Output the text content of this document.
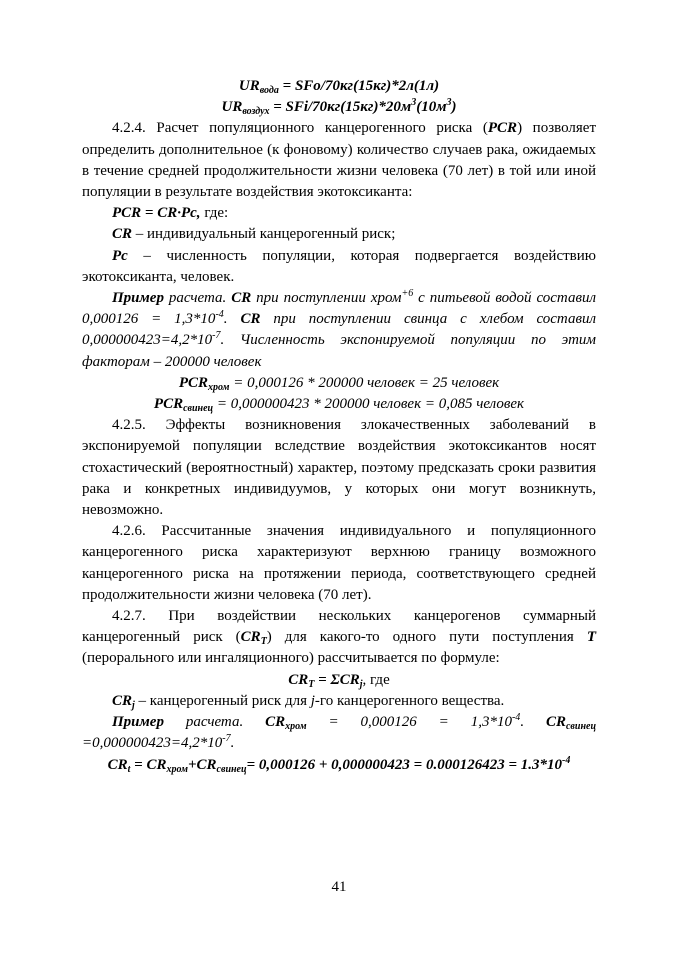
$UR_{вода} = SFo/70кг(15кг)*2л(1л)$

$UR_{воздух} = SFi/70кг(15кг)*20м^3(10м^3)$

4.2.4. Расчет популяционного канцерогенного риска (PCR) позволяет определить дополнительное (к фоновому) количество случаев рака, ожидаемых в течение средней продолжительности жизни человека (70 лет) в той или иной популяции в результате воздействия экотоксиканта:

PCR = CR·Pc, где:

CR – индивидуальный канцерогенный риск;

Pc – численность популяции, которая подвергается воздействию экотоксиканта, человек.

Пример расчета. CR при поступлении хром$^{+6}$ с питьевой водой составил $0,000126 = 1,3*10^{-4}$. CR при поступлении свинца с хлебом составил $0,000000423=4,2*10^{-7}$. Численность экспонируемой популяции по этим факторам – 200000 человек

$PCR_{хром} = 0,000126 * 200000$ человек = 25 человек

$PCR_{свинец} = 0,000000423 * 200000$ человек = 0,085 человек

4.2.5. Эффекты возникновения злокачественных заболеваний в экспонируемой популяции вследствие воздействия экотоксикантов носят стохастический (вероятностный) характер, поэтому предсказать сроки развития рака и конкретных индивидуумов, у которых они могут возникнуть, невозможно.

4.2.6. Рассчитанные значения индивидуального и популяционного канцерогенного риска характеризуют верхнюю границу возможного канцерогенного риска на протяжении периода, соответствующего средней продолжительности жизни человека (70 лет).

4.2.7. При воздействии нескольких канцерогенов суммарный канцерогенный риск $(CR_T)$ для какого-то одного пути поступления T (перорального или ингаляционного) рассчитывается по формуле:

$CR_T = \Sigma CR_j$, где

$CR_j$ – канцерогенный риск для j-го канцерогенного вещества.

Пример расчета. $CR_{хром} = 0,000126 = 1,3*10^{-4}$. $CR_{свинец} =0,000000423=4,2*10^{-7}$.

$CR_t = CR_{хром}+CR_{свинец}= 0,000126 + 0,000000423 = 0.000126423 = 1.3*10^{-4}$

41
